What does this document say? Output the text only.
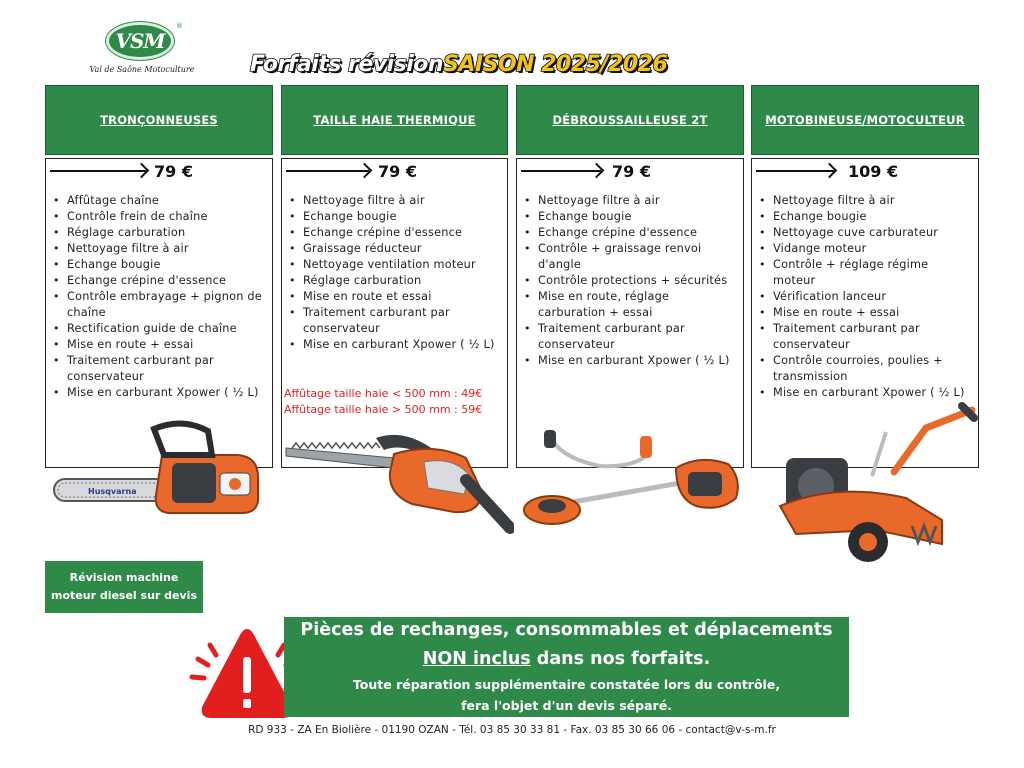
VSM
®
Val de Saône Motoculture	Forfaits révisionSAISON 2025/2026
TRONÇONNEUSES
79 €
• Affûtage chaîne
• Contrôle frein de chaîne
• Réglage carburation
• Nettoyage filtre à air
• Echange bougie
• Echange crépine d'essence
• Contrôle embrayage + pignon de chaîne
• Rectification guide de chaîne
• Mise en route + essai
• Traitement carburant par conservateur
• Mise en carburant Xpower ( ½ L)
TAILLE HAIE THERMIQUE
79 €
• Nettoyage filtre à air
• Echange bougie
• Echange crépine d'essence
• Graissage réducteur
• Nettoyage ventilation moteur
• Réglage carburation
• Mise en route et essai
• Traitement carburant par conservateur
• Mise en carburant Xpower ( ½ L)
Affûtage taille haie < 500 mm : 49€
Affûtage taille haie > 500 mm : 59€
DÉBROUSSAILLEUSE 2T
79 €
• Nettoyage filtre à air
• Echange bougie
• Echange crépine d'essence
• Contrôle + graissage renvoi d'angle
• Contrôle protections + sécurités
• Mise en route, réglage carburation + essai
• Traitement carburant par conservateur
• Mise en carburant Xpower ( ½ L)
MOTOBINEUSE/MOTOCULTEUR
109 €
• Nettoyage filtre à air
• Echange bougie
• Nettoyage cuve carburateur
• Vidange moteur
• Contrôle + réglage régime moteur
• Vérification lanceur
• Mise en route + essai
• Traitement carburant par conservateur
• Contrôle courroies, poulies + transmission
• Mise en carburant Xpower ( ½ L)
Husqvarna
Révision machine
moteur diesel sur devis
Pièces de rechanges, consommables et déplacements
NON inclus dans nos forfaits.
Toute réparation supplémentaire constatée lors du contrôle,
fera l'objet d'un devis séparé.
RD 933 - ZA En Biolière - 01190 OZAN - Tél. 03 85 30 33 81 - Fax. 03 85 30 66 06 - contact@v-s-m.fr
